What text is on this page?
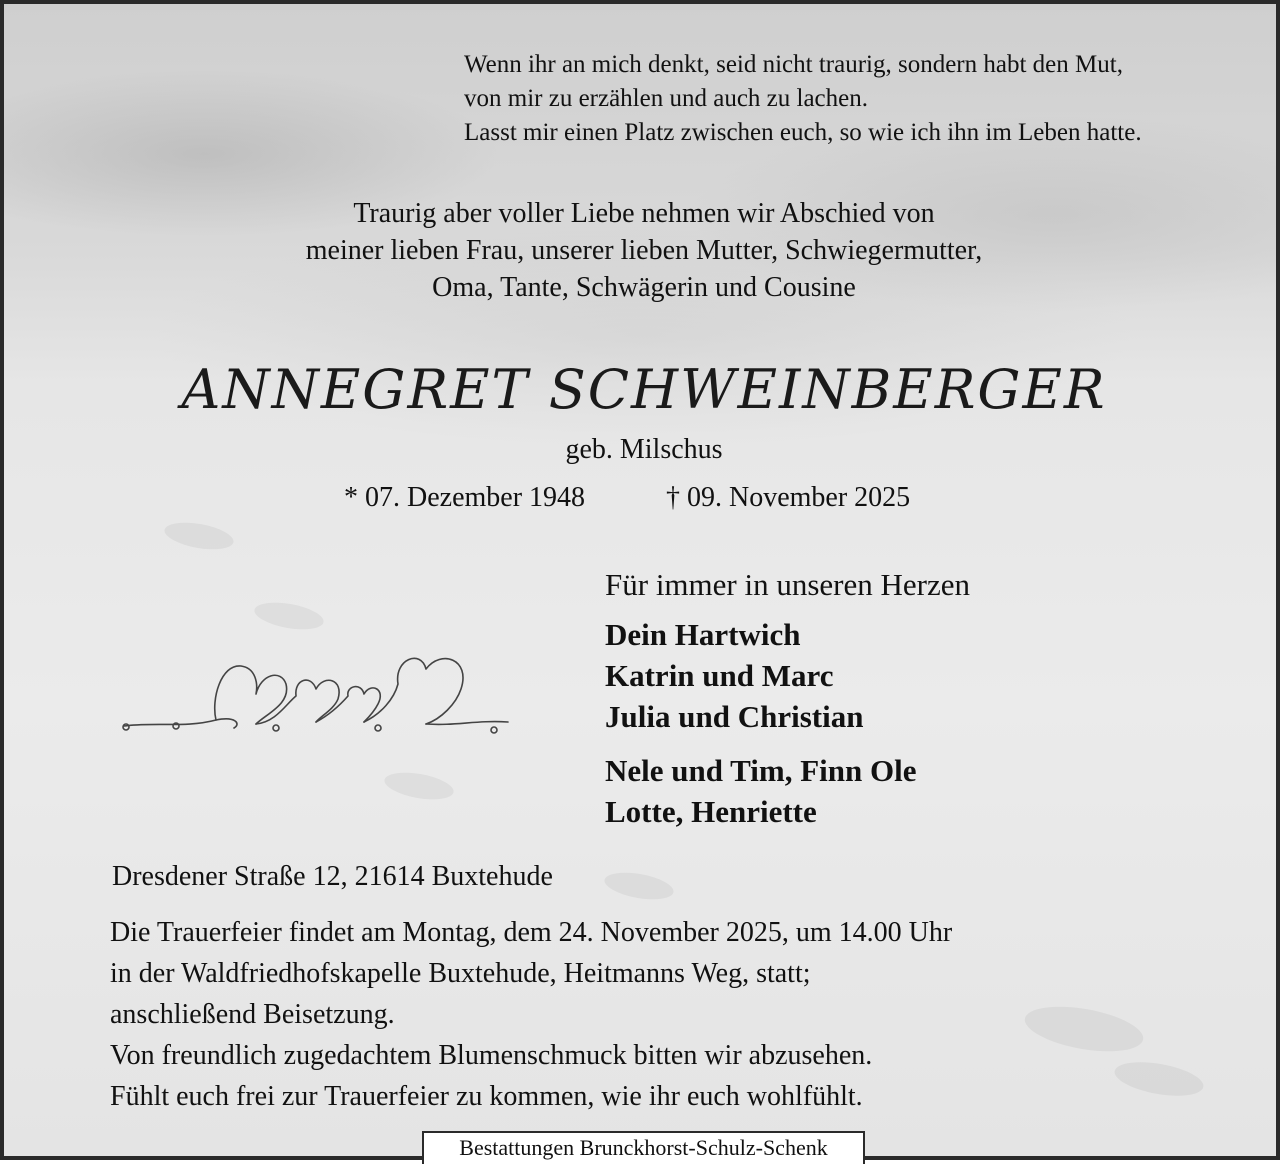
Wenn ihr an mich denkt, seid nicht traurig, sondern habt den Mut,
von mir zu erzählen und auch zu lachen.
Lasst mir einen Platz zwischen euch, so wie ich ihn im Leben hatte.
Traurig aber voller Liebe nehmen wir Abschied von
meiner lieben Frau, unserer lieben Mutter, Schwiegermutter,
Oma, Tante, Schwägerin und Cousine
ANNEGRET SCHWEINBERGER
geb. Milschus
* 07. Dezember 1948	† 09. November 2025
Für immer in unseren Herzen
Dein Hartwich
Katrin und Marc
Julia und Christian
Nele und Tim, Finn Ole
Lotte, Henriette
Dresdener Straße 12, 21614 Buxtehude
Die Trauerfeier findet am Montag, dem 24. November 2025, um 14.00 Uhr
in der Waldfriedhofskapelle Buxtehude, Heitmanns Weg, statt;
anschließend Beisetzung.
Von freundlich zugedachtem Blumenschmuck bitten wir abzusehen.
Fühlt euch frei zur Trauerfeier zu kommen, wie ihr euch wohlfühlt.
Bestattungen Brunckhorst-Schulz-Schenk
